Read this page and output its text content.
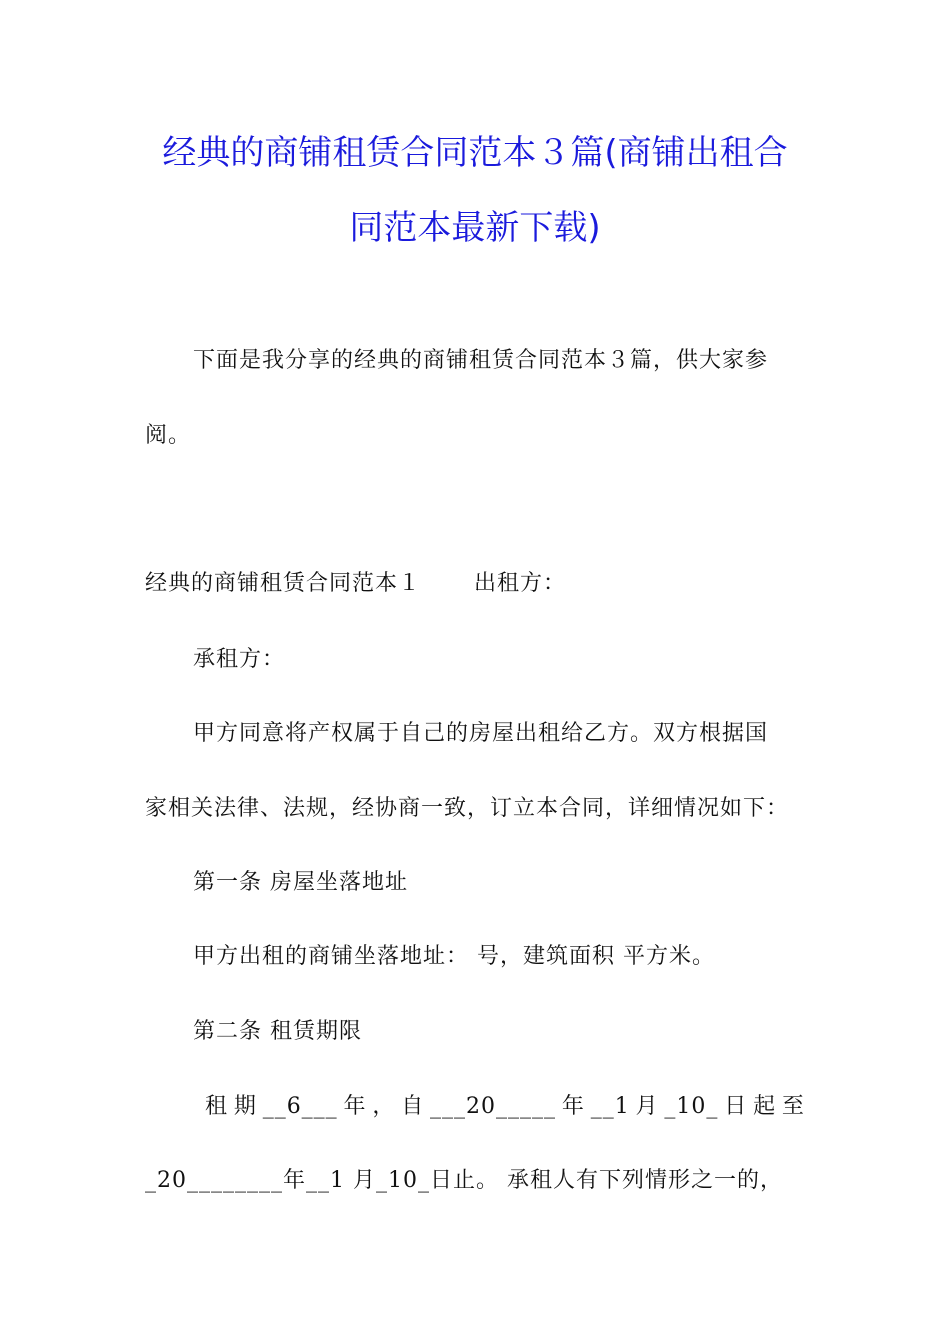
经典的商铺租赁合同范本３篇(商铺出租合
同范本最新下载)
下面是我分享的经典的商铺租赁合同范本３篇，供大家参
阅。
经典的商铺租赁合同范本１ 出租方：
承租方：
甲方同意将产权属于自己的房屋出租给乙方。双方根据国
家相关法律、法规，经协商一致，订立本合同，详细情况如下：
第一条 房屋坐落地址
甲方出租的商铺坐落地址： 号，建筑面积 平方米。
第二条 租赁期限
租 期 __6___ 年 ， 自 ___20_____ 年 __1 月 _10_ 日 起 至
_20________年__1 月_10_日止。 承租人有下列情形之一的，
